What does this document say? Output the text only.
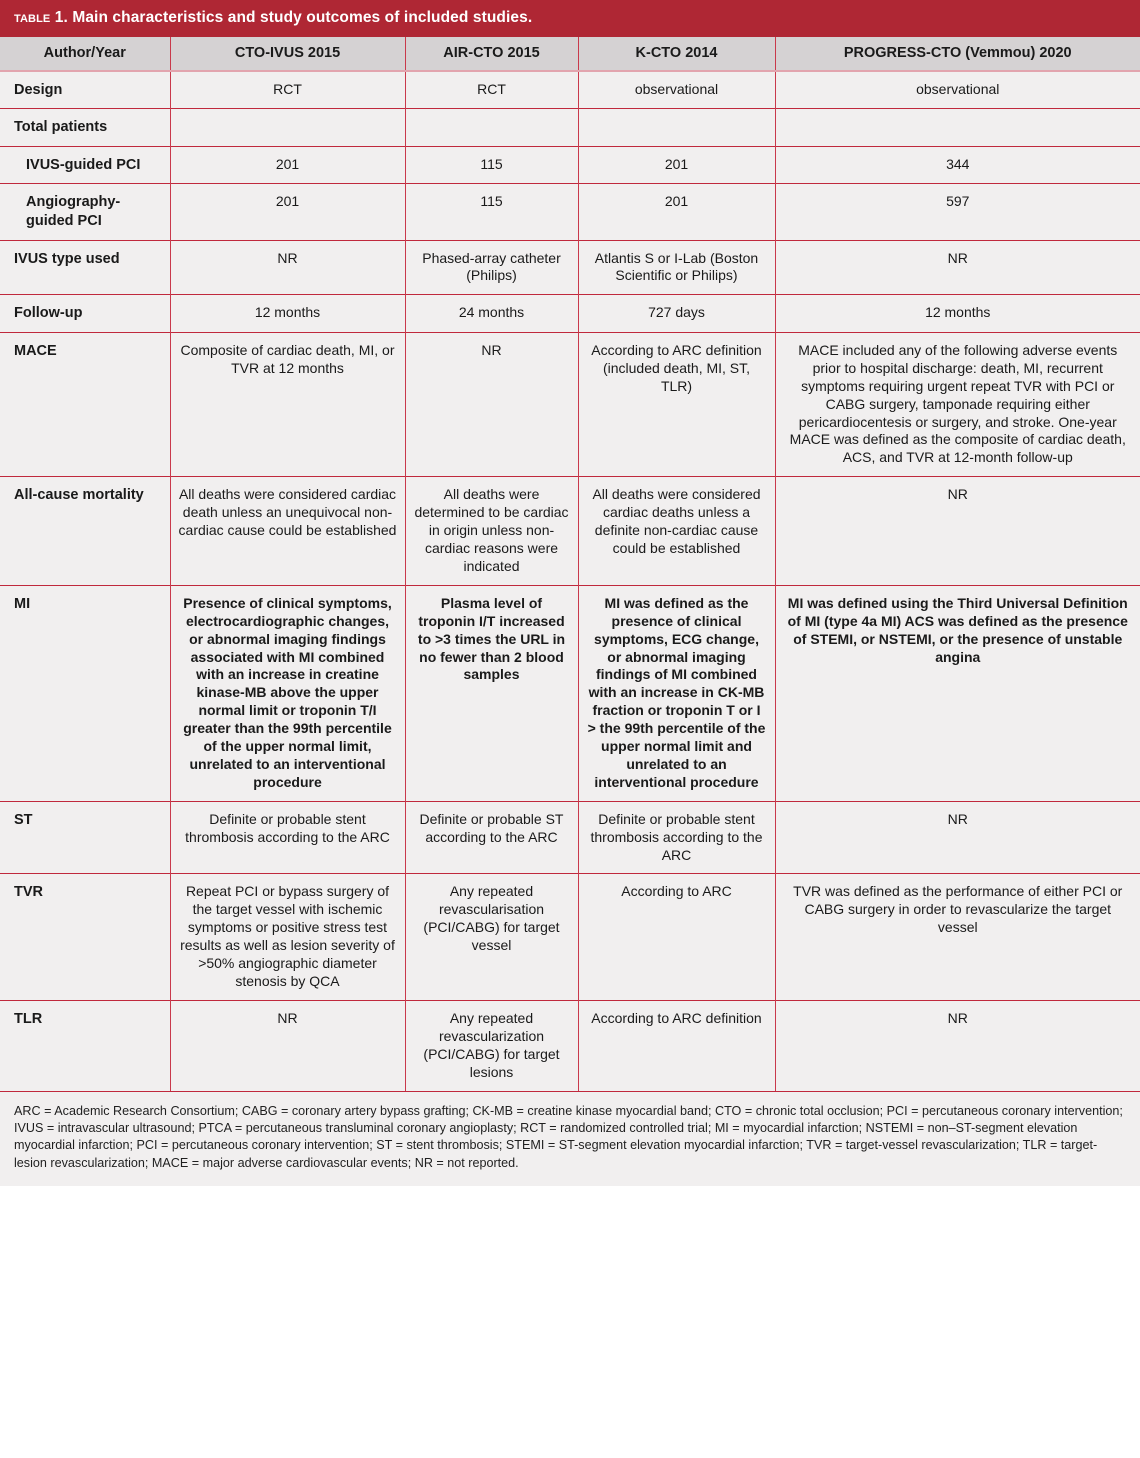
table 1. Main characteristics and study outcomes of included studies.
Author/Year	CTO-IVUS 2015	AIR-CTO 2015	K-CTO 2014	PROGRESS-CTO (Vemmou) 2020
Design	RCT	RCT	observational	observational
Total patients				
IVUS-guided PCI	201	115	201	344
Angiography-guided PCI	201	115	201	597
IVUS type used	NR	Phased-array catheter (Philips)	Atlantis S or I-Lab (Boston Scientific or Philips)	NR
Follow-up	12 months	24 months	727 days	12 months
MACE	Composite of cardiac death, MI, or TVR at 12 months	NR	According to ARC definition (included death, MI, ST, TLR)	MACE included any of the following adverse events prior to hospital discharge: death, MI, recurrent symptoms requiring urgent repeat TVR with PCI or CABG surgery, tamponade requiring either pericardiocentesis or surgery, and stroke. One-year MACE was defined as the composite of cardiac death, ACS, and TVR at 12-month follow-up
All-cause mortality	All deaths were considered cardiac death unless an unequivocal non-cardiac cause could be established	All deaths were determined to be cardiac in origin unless non-cardiac reasons were indicated	All deaths were considered cardiac deaths unless a definite non-cardiac cause could be established	NR
MI	Presence of clinical symptoms, electrocardiographic changes, or abnormal imaging findings associated with MI combined with an increase in creatine kinase-MB above the upper normal limit or troponin T/I greater than the 99th percentile of the upper normal limit, unrelated to an interventional procedure	Plasma level of troponin I/T increased to >3 times the URL in no fewer than 2 blood samples	MI was defined as the presence of clinical symptoms, ECG change, or abnormal imaging findings of MI combined with an increase in CK-MB fraction or troponin T or I > the 99th percentile of the upper normal limit and unrelated to an interventional procedure	MI was defined using the Third Universal Definition of MI (type 4a MI) ACS was defined as the presence of STEMI, or NSTEMI, or the presence of unstable angina
ST	Definite or probable stent thrombosis according to the ARC	Definite or probable ST according to the ARC	Definite or probable stent thrombosis according to the ARC	NR
TVR	Repeat PCI or bypass surgery of the target vessel with ischemic symptoms or positive stress test results as well as lesion severity of >50% angiographic diameter stenosis by QCA	Any repeated revascularisation (PCI/CABG) for target vessel	According to ARC	TVR was defined as the performance of either PCI or CABG surgery in order to revascularize the target vessel
TLR	NR	Any repeated revascularization (PCI/CABG) for target lesions	According to ARC definition	NR
ARC = Academic Research Consortium; CABG = coronary artery bypass grafting; CK-MB = creatine kinase myocardial band; CTO = chronic total occlusion; PCI = percutaneous coronary intervention; IVUS = intravascular ultrasound; PTCA = percutaneous transluminal coronary angioplasty; RCT = randomized controlled trial; MI = myocardial infarction; NSTEMI = non–ST-segment elevation myocardial infarction; PCI = percutaneous coronary intervention; ST = stent thrombosis; STEMI = ST-segment elevation myocardial infarction; TVR = target-vessel revascularization; TLR = target-lesion revascularization; MACE = major adverse cardiovascular events; NR = not reported.
